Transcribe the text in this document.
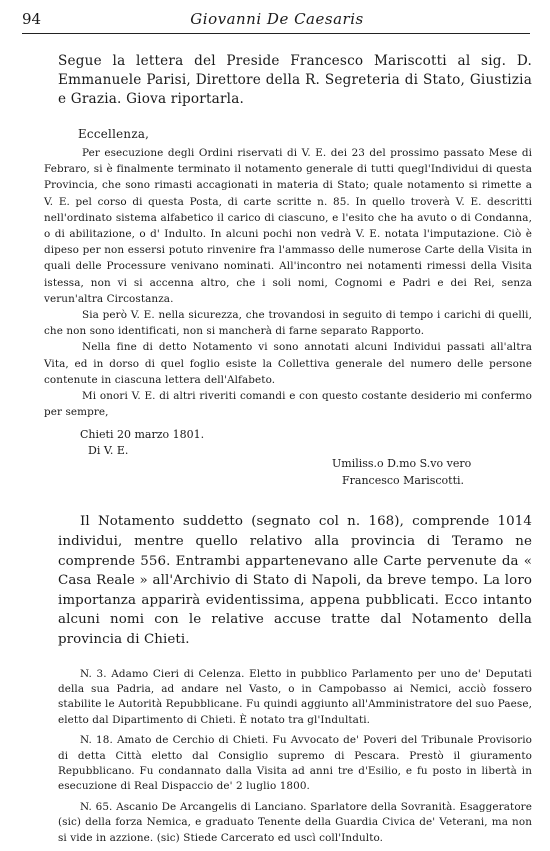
94	Giovanni De Caesaris

Segue la lettera del Preside Francesco Mariscotti al sig. D. Emmanuele Parisi, Direttore della R. Segreteria di Stato, Giustizia e Grazia. Giova riportarla.

Eccellenza,

Per esecuzione degli Ordini riservati di V. E. dei 23 del prossimo passato Mese di Febraro, si è finalmente terminato il notamento generale di tutti quegl'Individui di questa Provincia, che sono rimasti accagionati in materia di Stato; quale notamento si rimette a V. E. pel corso di questa Posta, di carte scritte n. 85. In quello troverà V. E. descritti nell'ordinato sistema alfabetico il carico di ciascuno, e l'esito che ha avuto o di Condanna, o di abilitazione, o d' Indulto. In alcuni pochi non vedrà V. E. notata l'imputazione. Ciò è dipeso per non essersi potuto rinvenire fra l'ammasso delle numerose Carte della Visita in quali delle Processure venivano nominati. All'incontro nei notamenti rimessi della Visita istessa, non vi si accenna altro, che i soli nomi, Cognomi e Padri e dei Rei, senza verun'altra Circostanza.

Sia però V. E. nella sicurezza, che trovandosi in seguito di tempo i carichi di quelli, che non sono identificati, non si mancherà di farne separato Rapporto.

Nella fine di detto Notamento vi sono annotati alcuni Individui passati all'altra Vita, ed in dorso di quel foglio esiste la Collettiva generale del numero delle persone contenute in ciascuna lettera dell'Alfabeto.

Mi onori V. E. di altri riveriti comandi e con questo costante desiderio mi confermo per sempre,

Chieti 20 marzo 1801.
Di V. E.
Umiliss.o D.mo S.vo vero
Francesco Mariscotti.

Il Notamento suddetto (segnato col n. 168), comprende 1014 individui, mentre quello relativo alla provincia di Teramo ne comprende 556. Entrambi appartenevano alle Carte pervenute da « Casa Reale » all'Archivio di Stato di Napoli, da breve tempo. La loro importanza apparirà evidentissima, appena pubblicati. Ecco intanto alcuni nomi con le relative accuse tratte dal Notamento della provincia di Chieti.

N. 3. Adamo Cieri di Celenza. Eletto in pubblico Parlamento per uno de' Deputati della sua Padria, ad andare nel Vasto, o in Campobasso ai Nemici, acciò fossero stabilite le Autorità Repubblicane. Fu quindi aggiunto all'Amministratore del suo Paese, eletto dal Dipartimento di Chieti. È notato tra gl'Indultati.

N. 18. Amato de Cerchio di Chieti. Fu Avvocato de' Poveri del Tribunale Provisorio di detta Città eletto dal Consiglio supremo di Pescara. Prestò il giuramento Repubblicano. Fu condannato dalla Visita ad anni tre d'Esilio, e fu posto in libertà in esecuzione di Real Dispaccio de' 2 luglio 1800.

N. 65. Ascanio De Arcangelis di Lanciano. Sparlatore della Sovranità. Esaggeratore (sic) della forza Nemica, e graduato Tenente della Guardia Civica de' Veterani, ma non si vide in azzione. (sic) Stiede Carcerato ed uscì coll'Indulto.
